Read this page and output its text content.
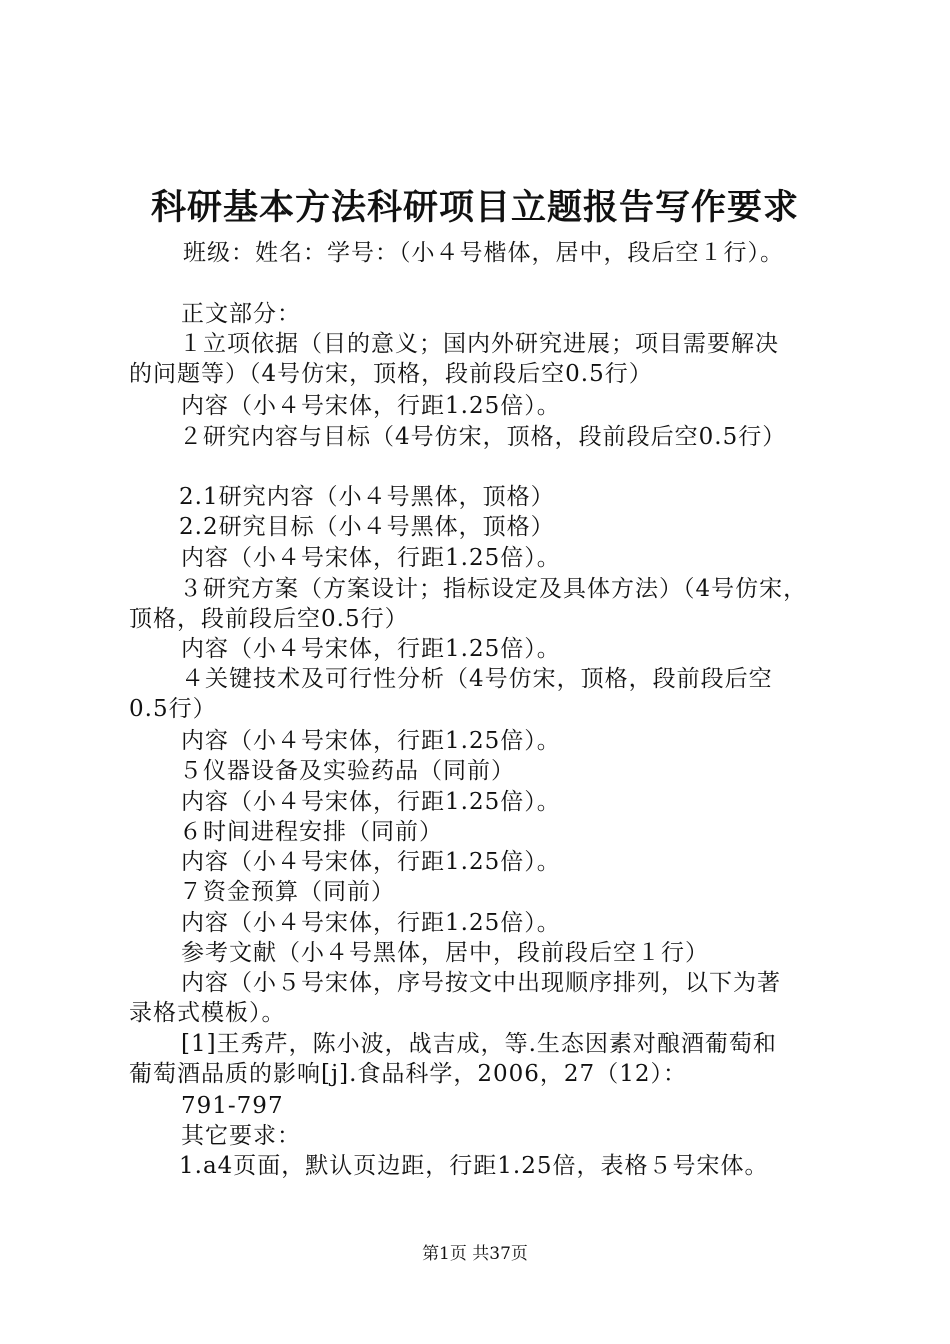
科研基本方法科研项目立题报告写作要求
班级：姓名：学号：（小４号楷体，居中，段后空１行）。
正文部分：
１立项依据（目的意义；国内外研究进展；项目需要解决
的问题等）（4号仿宋，顶格，段前段后空0.5行）
内容（小４号宋体，行距1.25倍）。
２研究内容与目标（4号仿宋，顶格，段前段后空0.5行）
2.1研究内容（小４号黑体，顶格）
2.2研究目标（小４号黑体，顶格）
内容（小４号宋体，行距1.25倍）。
３研究方案（方案设计；指标设定及具体方法）（4号仿宋，
顶格，段前段后空0.5行）
内容（小４号宋体，行距1.25倍）。
４关键技术及可行性分析（4号仿宋，顶格，段前段后空
0.5行）
内容（小４号宋体，行距1.25倍）。
５仪器设备及实验药品（同前）
内容（小４号宋体，行距1.25倍）。
６时间进程安排（同前）
内容（小４号宋体，行距1.25倍）。
７资金预算（同前）
内容（小４号宋体，行距1.25倍）。
参考文献（小４号黑体，居中，段前段后空１行）
内容（小５号宋体，序号按文中出现顺序排列，以下为著
录格式模板）。
[1]王秀芹，陈小波，战吉成，等.生态因素对酿酒葡萄和
葡萄酒品质的影响[j].食品科学，2006，27（12）：
791-797
其它要求：
1.a4页面，默认页边距，行距1.25倍，表格５号宋体。
第1页 共37页
